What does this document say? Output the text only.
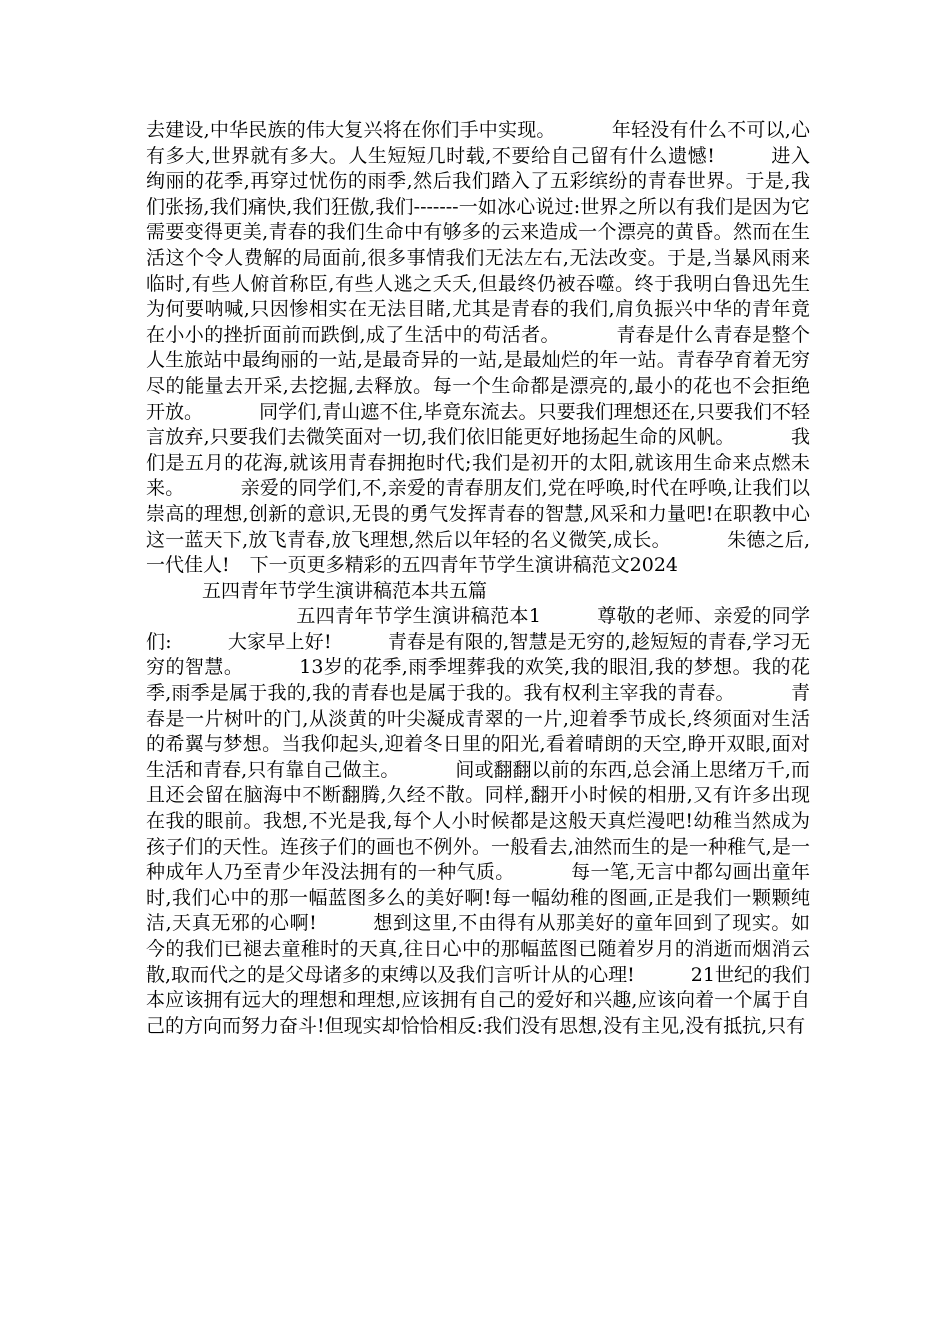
去建设,中华民族的伟大复兴将在你们手中实现。	年轻没有什么不可以,心有多大,世界就有多大。人生短短几时载,不要给自己留有什么遗憾!	进入绚丽的花季,再穿过忧伤的雨季,然后我们踏入了五彩缤纷的青春世界。于是,我们张扬,我们痛快,我们狂傲,我们-------一如冰心说过:世界之所以有我们是因为它需要变得更美,青春的我们生命中有够多的云来造成一个漂亮的黄昏。然而在生活这个令人费解的局面前,很多事情我们无法左右,无法改变。于是,当暴风雨来临时,有些人俯首称臣,有些人逃之夭夭,但最终仍被吞噬。终于我明白鲁迅先生为何要呐喊,只因惨相实在无法目睹,尤其是青春的我们,肩负振兴中华的青年竟在小小的挫折面前而跌倒,成了生活中的苟活者。	青春是什么青春是整个人生旅站中最绚丽的一站,是最奇异的一站,是最灿烂的年一站。青春孕育着无穷尽的能量去开采,去挖掘,去释放。每一个生命都是漂亮的,最小的花也不会拒绝开放。	同学们,青山遮不住,毕竟东流去。只要我们理想还在,只要我们不轻言放弃,只要我们去微笑面对一切,我们依旧能更好地扬起生命的风帆。	我们是五月的花海,就该用青春拥抱时代;我们是初开的太阳,就该用生命来点燃未来。	亲爱的同学们,不,亲爱的青春朋友们,党在呼唤,时代在呼唤,让我们以崇高的理想,创新的意识,无畏的勇气发挥青春的智慧,风采和力量吧!在职教中心这一蓝天下,放飞青春,放飞理想,然后以年轻的名义微笑,成长。	朱德之后,一代佳人! 下一页更多精彩的五四青年节学生演讲稿范文2024

五四青年节学生演讲稿范本共五篇

五四青年节学生演讲稿范本1	尊敬的老师、亲爱的同学们:	大家早上好!	青春是有限的,智慧是无穷的,趁短短的青春,学习无穷的智慧。	13岁的花季,雨季埋葬我的欢笑,我的眼泪,我的梦想。我的花季,雨季是属于我的,我的青春也是属于我的。我有权利主宰我的青春。	青春是一片树叶的门,从淡黄的叶尖凝成青翠的一片,迎着季节成长,终须面对生活的希翼与梦想。当我仰起头,迎着冬日里的阳光,看着晴朗的天空,睁开双眼,面对生活和青春,只有靠自己做主。	间或翻翻以前的东西,总会涌上思绪万千,而且还会留在脑海中不断翻腾,久经不散。同样,翻开小时候的相册,又有许多出现在我的眼前。我想,不光是我,每个人小时候都是这般天真烂漫吧!幼稚当然成为孩子们的天性。连孩子们的画也不例外。一般看去,油然而生的是一种稚气,是一种成年人乃至青少年没法拥有的一种气质。	每一笔,无言中都勾画出童年时,我们心中的那一幅蓝图多么的美好啊!每一幅幼稚的图画,正是我们一颗颗纯洁,天真无邪的心啊!	想到这里,不由得有从那美好的童年回到了现实。如今的我们已褪去童稚时的天真,往日心中的那幅蓝图已随着岁月的消逝而烟消云散,取而代之的是父母诸多的束缚以及我们言听计从的心理!	21世纪的我们本应该拥有远大的理想和理想,应该拥有自己的爱好和兴趣,应该向着一个属于自己的方向而努力奋斗!但现实却恰恰相反:我们没有思想,没有主见,没有抵抗,只有
